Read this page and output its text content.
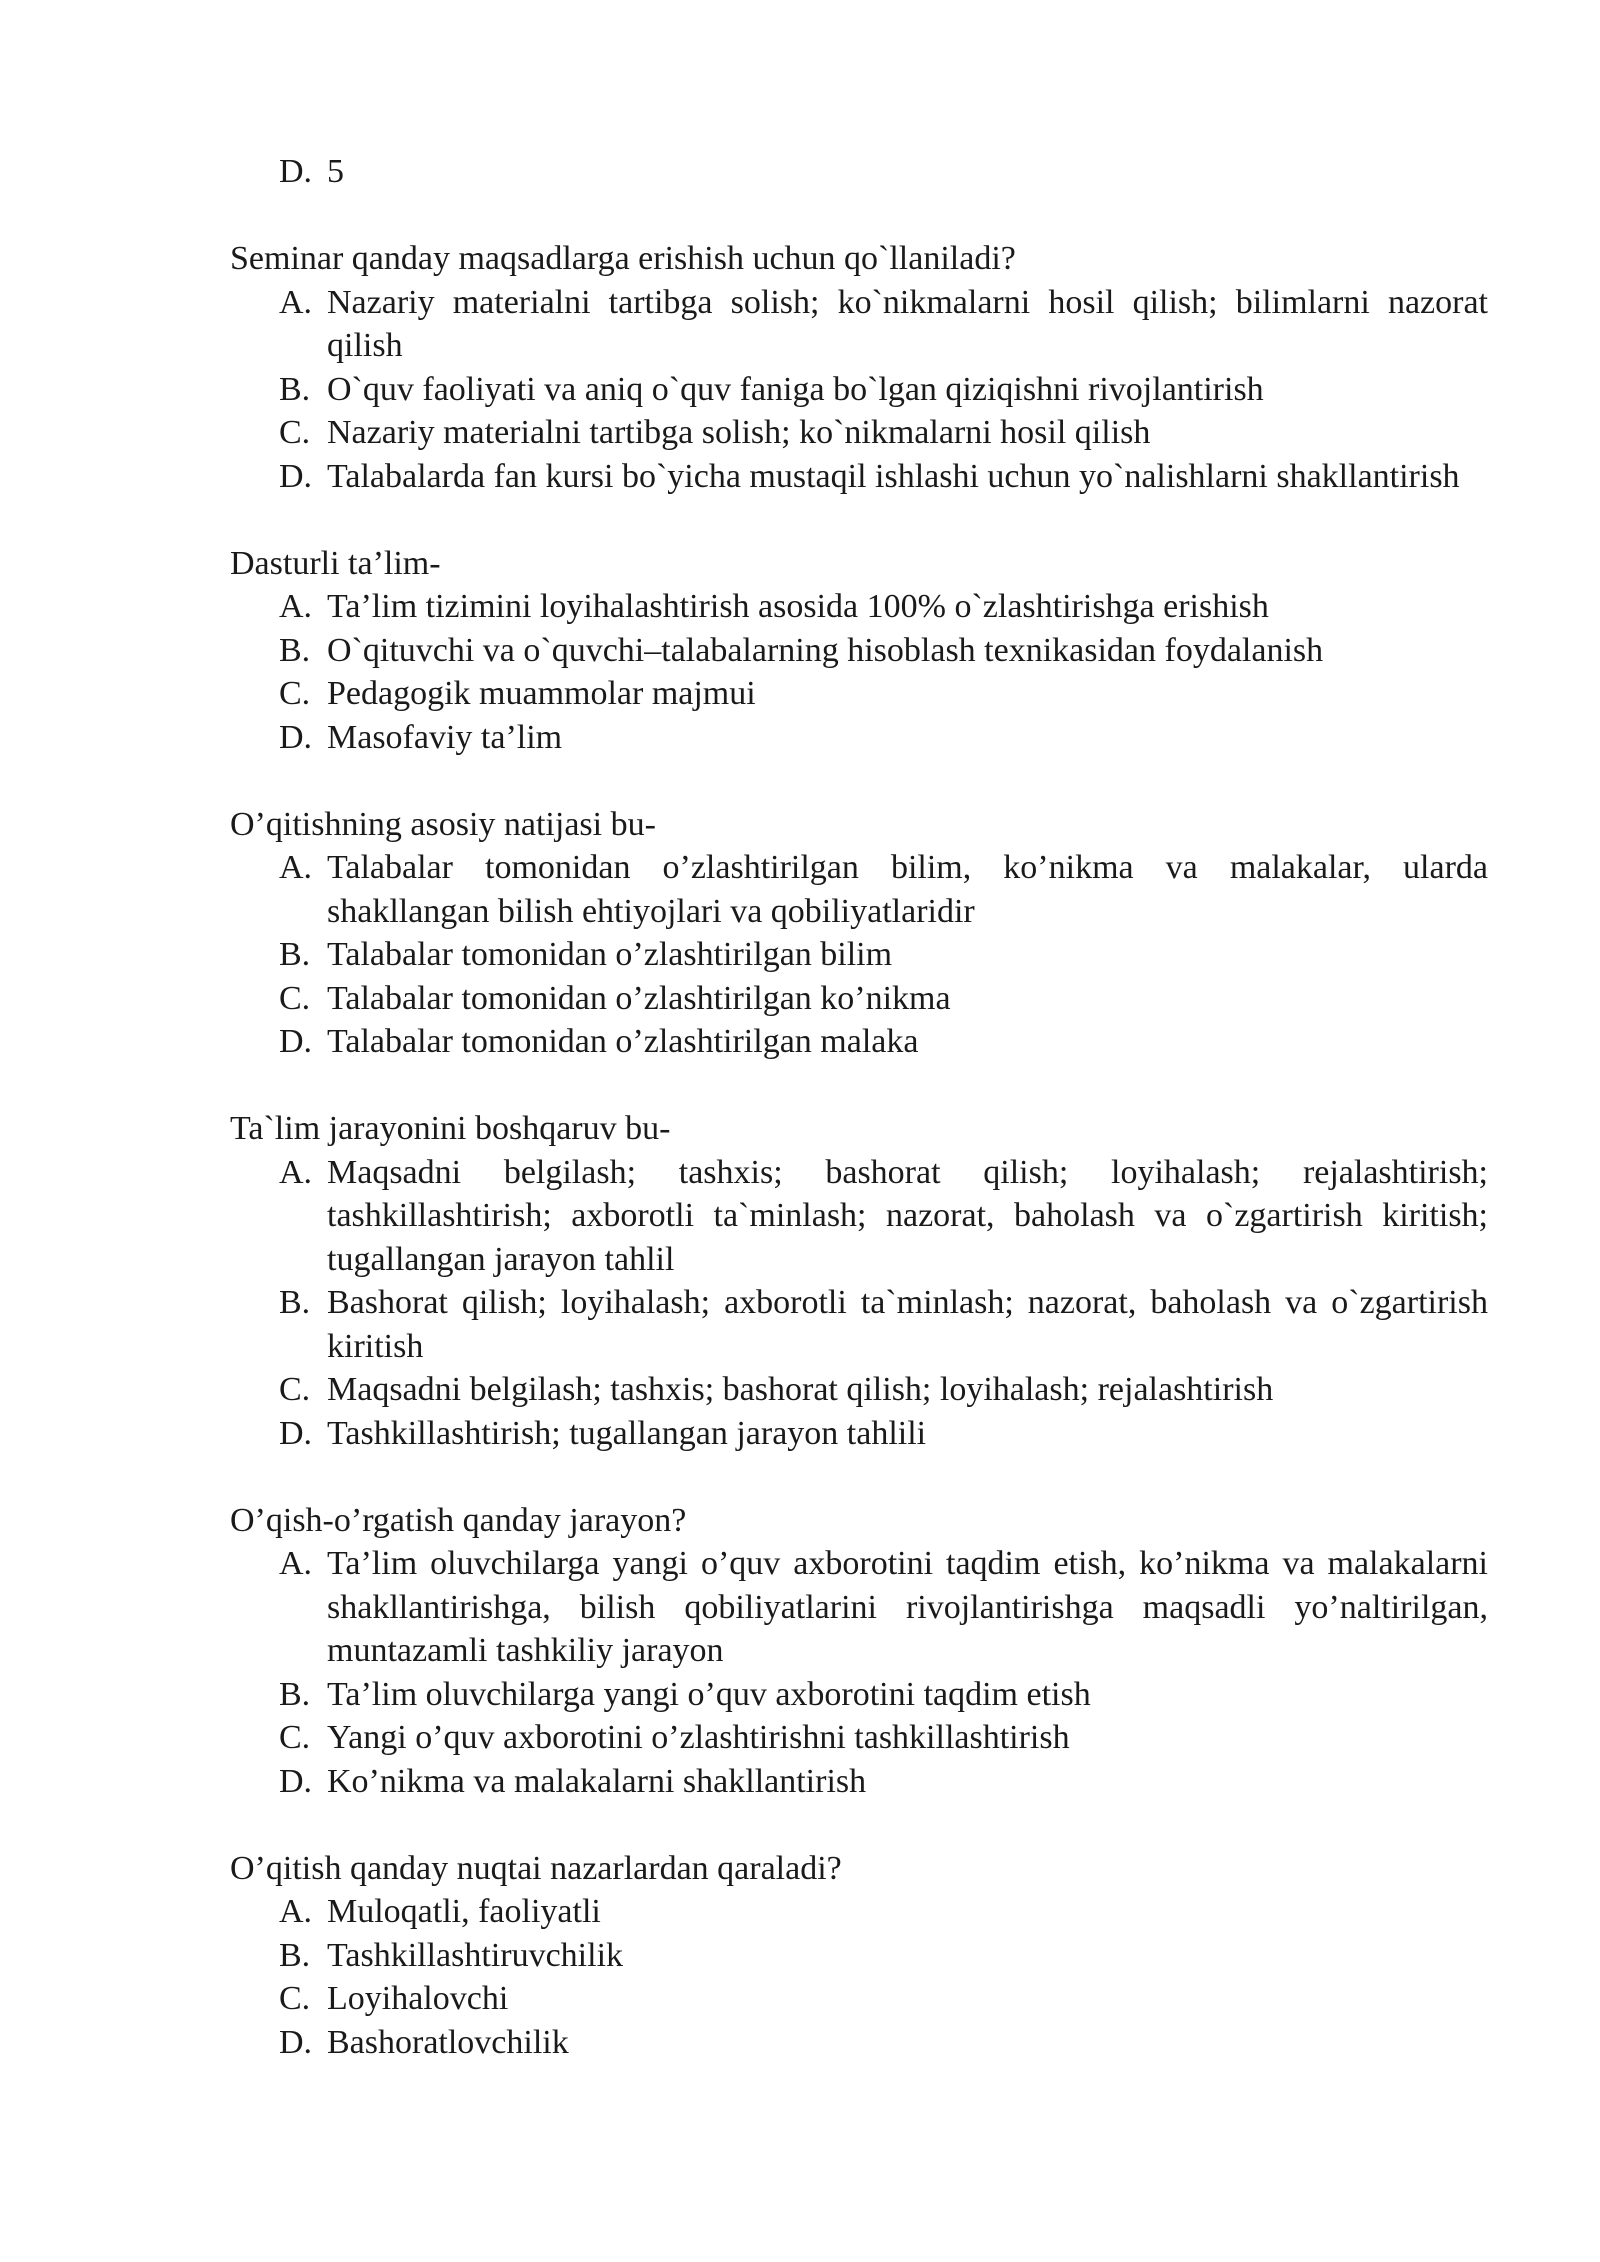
D. 5
Seminar qanday maqsadlarga erishish uchun qo`llaniladi?
A. Nazariy materialni tartibga solish; ko`nikmalarni hosil qilish; bilimlarni nazorat qilish
B. O`quv faoliyati va aniq o`quv faniga bo`lgan qiziqishni rivojlantirish
C. Nazariy materialni tartibga solish; ko`nikmalarni hosil qilish
D. Talabalarda fan kursi bo`yicha mustaqil ishlashi uchun yo`nalishlarni shakllantirish
Dasturli ta’lim-
A. Ta’lim tizimini loyihalashtirish asosida 100% o`zlashtirishga erishish
B. O`qituvchi va o`quvchi–talabalarning hisoblash texnikasidan foydalanish
C. Pedagogik muammolar majmui
D. Masofaviy ta’lim
O’qitishning asosiy natijasi bu-
A. Talabalar tomonidan o’zlashtirilgan bilim, ko’nikma va malakalar, ularda shakllangan bilish ehtiyojlari va qobiliyatlaridir
B. Talabalar tomonidan o’zlashtirilgan bilim
C. Talabalar tomonidan o’zlashtirilgan ko’nikma
D. Talabalar tomonidan o’zlashtirilgan malaka
Ta`lim jarayonini boshqaruv bu-
A. Maqsadni belgilash; tashxis; bashorat qilish; loyihalash; rejalashtirish; tashkillashtirish; axborotli ta`minlash; nazorat, baholash va o`zgartirish kiritish; tugallangan jarayon tahlil
B. Bashorat qilish; loyihalash; axborotli ta`minlash; nazorat, baholash va o`zgartirish kiritish
C. Maqsadni belgilash; tashxis; bashorat qilish; loyihalash; rejalashtirish
D. Tashkillashtirish; tugallangan jarayon tahlili
O’qish-o’rgatish qanday jarayon?
A. Ta’lim oluvchilarga yangi o’quv axborotini taqdim etish, ko’nikma va malakalarni shakllantirishga, bilish qobiliyatlarini rivojlantirishga maqsadli yo’naltirilgan, muntazamli tashkiliy jarayon
B. Ta’lim oluvchilarga yangi o’quv axborotini taqdim etish
C. Yangi o’quv axborotini o’zlashtirishni tashkillashtirish
D. Ko’nikma va malakalarni shakllantirish
O’qitish qanday nuqtai nazarlardan qaraladi?
A. Muloqatli, faoliyatli
B. Tashkillashtiruvchilik
C. Loyihalovchi
D. Bashoratlovchilik
